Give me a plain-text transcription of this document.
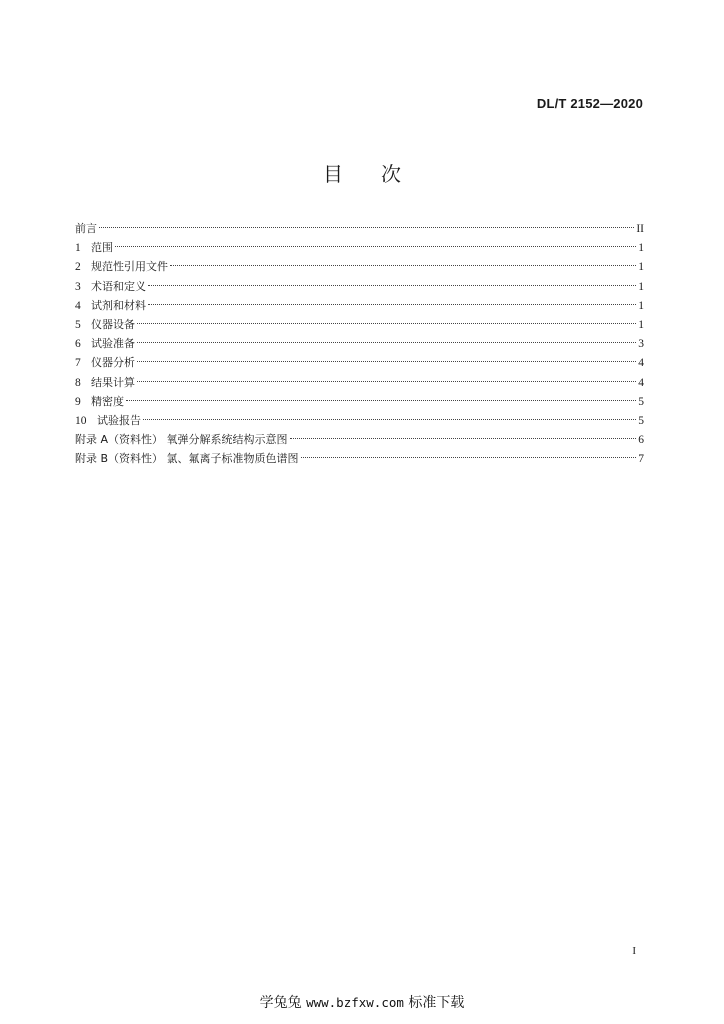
DL/T 2152—2020
目 次
前言	II
1 范围	1
2 规范性引用文件	1
3 术语和定义	1
4 试剂和材料	1
5 仪器设备	1
6 试验准备	3
7 仪器分析	4
8 结果计算	4
9 精密度	5
10 试验报告	5
附录 A（资料性） 氧弹分解系统结构示意图	6
附录 B（资料性） 氯、氟离子标准物质色谱图	7
I
学兔兔 www.bzfxw.com 标准下载
